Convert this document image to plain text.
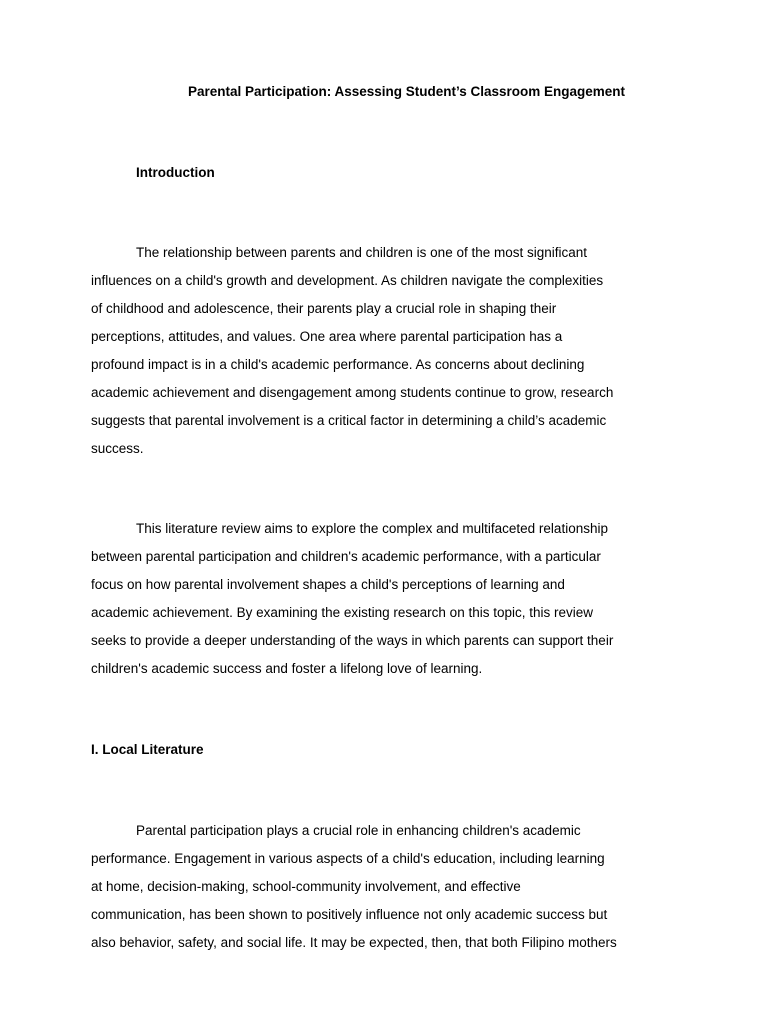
Parental Participation: Assessing Student’s Classroom Engagement
Introduction
The relationship between parents and children is one of the most significant
influences on a child's growth and development. As children navigate the complexities
of childhood and adolescence, their parents play a crucial role in shaping their
perceptions, attitudes, and values. One area where parental participation has a
profound impact is in a child's academic performance. As concerns about declining
academic achievement and disengagement among students continue to grow, research
suggests that parental involvement is a critical factor in determining a child’s academic
success.
This literature review aims to explore the complex and multifaceted relationship
between parental participation and children's academic performance, with a particular
focus on how parental involvement shapes a child's perceptions of learning and
academic achievement. By examining the existing research on this topic, this review
seeks to provide a deeper understanding of the ways in which parents can support their
children's academic success and foster a lifelong love of learning.
I. Local Literature
Parental participation plays a crucial role in enhancing children's academic
performance. Engagement in various aspects of a child's education, including learning
at home, decision-making, school-community involvement, and effective
communication, has been shown to positively influence not only academic success but
also behavior, safety, and social life. It may be expected, then, that both Filipino mothers
